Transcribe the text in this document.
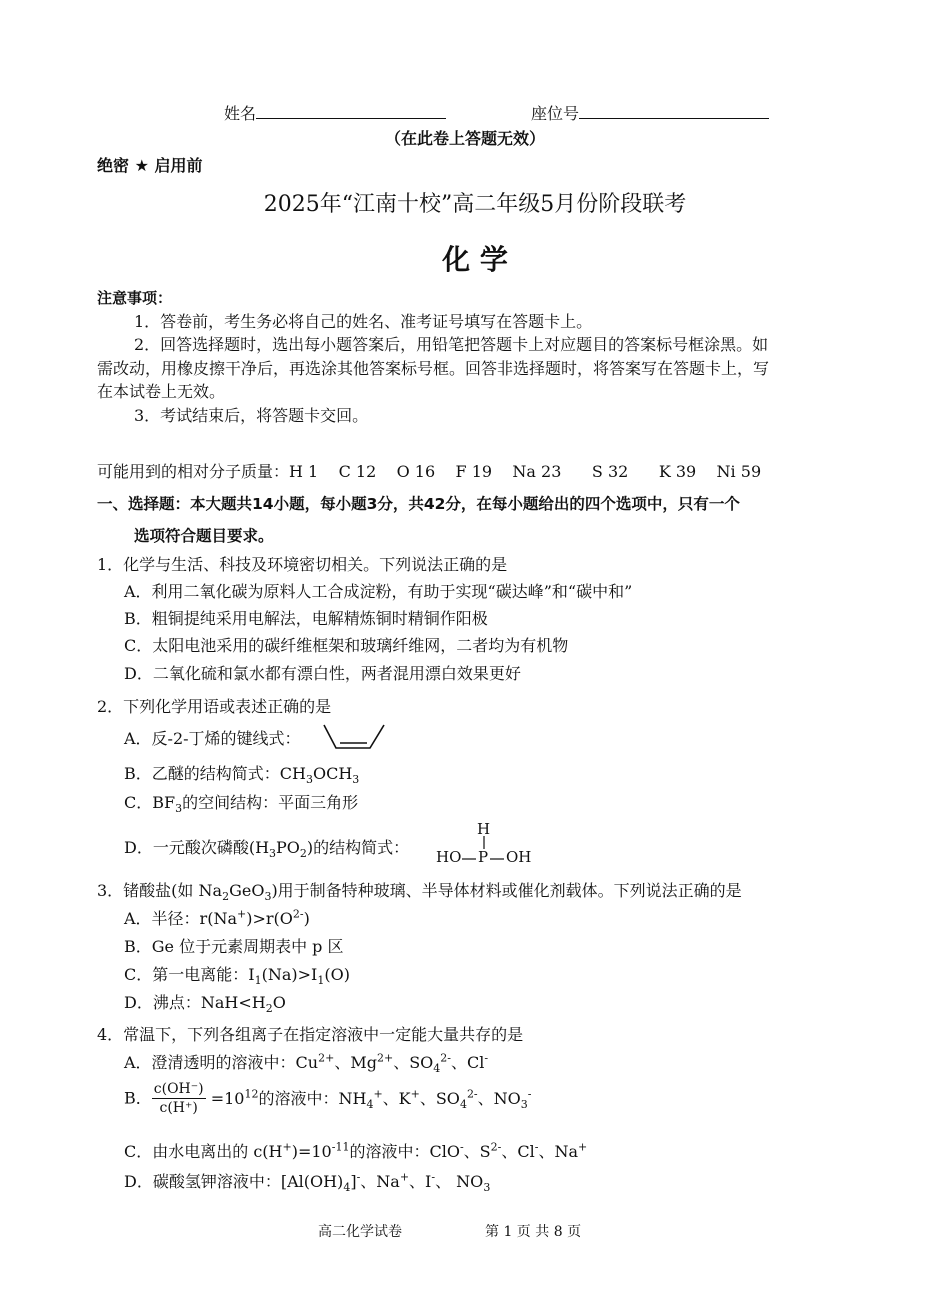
姓名	座位号
（在此卷上答题无效）
绝密 ★ 启用前
2025年“江南十校”高二年级5月份阶段联考
化 学
注意事项：
1．答卷前，考生务必将自己的姓名、准考证号填写在答题卡上。
2．回答选择题时，选出每小题答案后，用铅笔把答题卡上对应题目的答案标号框涂黑。如
需改动，用橡皮擦干净后，再选涂其他答案标号框。回答非选择题时，将答案写在答题卡上，写
在本试卷上无效。
3．考试结束后，将答题卡交回。
可能用到的相对分子质量：H 1    C 12    O 16    F 19    Na 23      S 32      K 39    Ni 59
一、选择题：本大题共14小题，每小题3分，共42分，在每小题给出的四个选项中，只有一个
选项符合题目要求。
1．化学与生活、科技及环境密切相关。下列说法正确的是
A．利用二氧化碳为原料人工合成淀粉，有助于实现“碳达峰”和“碳中和”
B．粗铜提纯采用电解法，电解精炼铜时精铜作阳极
C．太阳电池采用的碳纤维框架和玻璃纤维网，二者均为有机物
D．二氧化硫和氯水都有漂白性，两者混用漂白效果更好
2．下列化学用语或表述正确的是
A．反-2-丁烯的键线式：
B．乙醚的结构简式：$CH_3OCH_3$
C．$BF_3$的空间结构：平面三角形
D．一元酸次磷酸$(H_3PO_2)$的结构简式：
H
HO P OH
3．锗酸盐(如 $Na_2GeO_3$)用于制备特种玻璃、半导体材料或催化剂载体。下列说法正确的是
A．半径：$r(Na^+)>r(O^{2-})$
B．Ge 位于元素周期表中 p 区
C．第一电离能：$I_1(Na)>I_1(O)$
D．沸点：$NaH<H_2O$
4．常温下，下列各组离子在指定溶液中一定能大量共存的是
A．澄清透明的溶液中：$Cu^{2+}$、$Mg^{2+}$、$SO_4^{2-}$、Cl-
B． $\frac{c(OH^-)}{c(H^+)} =10^{12}$的溶液中：$NH_4^+$、K+、$SO_4^{2-}$、$NO_3^-$
C．由水电离出的 $c(H^+)=10^{-11}$的溶液中：ClO-、$S^{2-}$、Cl-、Na+
D．碳酸氢钾溶液中：$[Al(OH)_4]^-$、Na+、I-、 $NO_3$
高二化学试卷	第 1 页 共 8 页
